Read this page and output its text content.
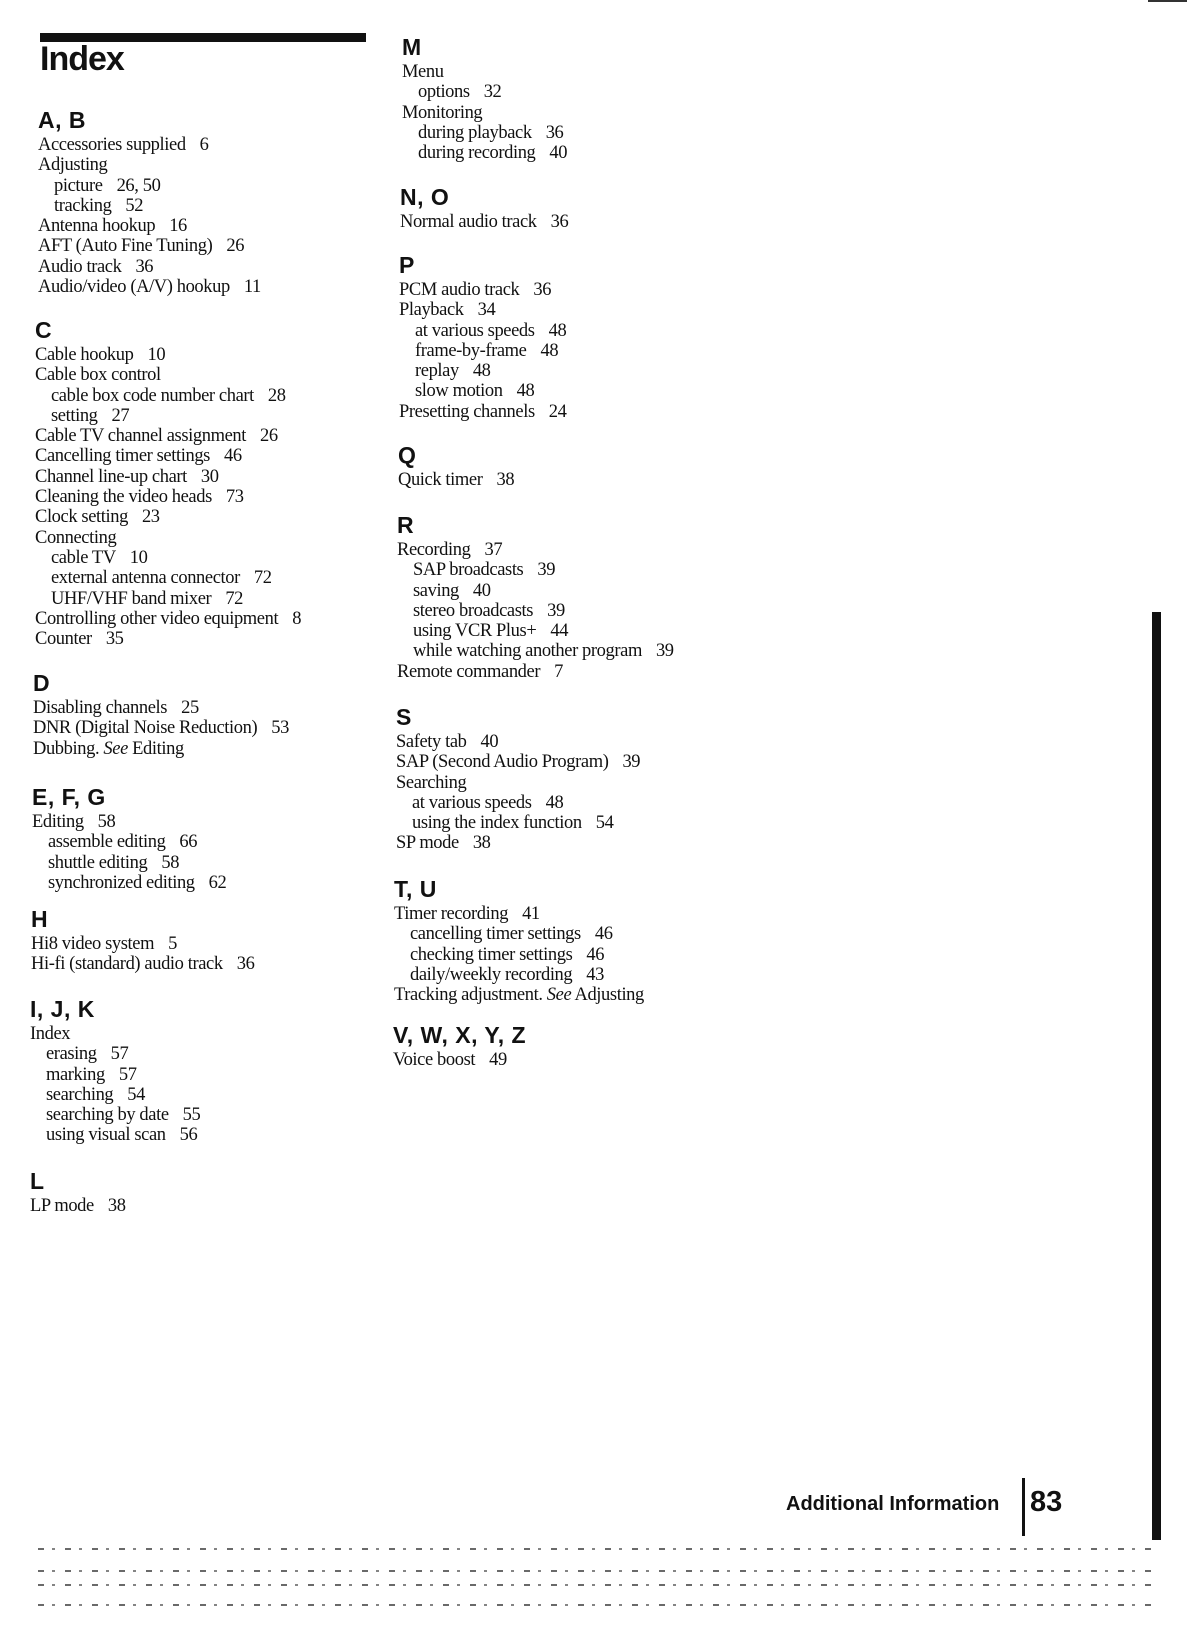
Index
A, B
Accessories supplied 6
Adjusting
picture 26, 50
tracking 52
Antenna hookup 16
AFT (Auto Fine Tuning) 26
Audio track 36
Audio/video (A/V) hookup 11
C
Cable hookup 10
Cable box control
cable box code number chart 28
setting 27
Cable TV channel assignment 26
Cancelling timer settings 46
Channel line-up chart 30
Cleaning the video heads 73
Clock setting 23
Connecting
cable TV 10
external antenna connector 72
UHF/VHF band mixer 72
Controlling other video equipment 8
Counter 35
D
Disabling channels 25
DNR (Digital Noise Reduction) 53
Dubbing. See Editing
E, F, G
Editing 58
assemble editing 66
shuttle editing 58
synchronized editing 62
H
Hi8 video system 5
Hi-fi (standard) audio track 36
I, J, K
Index
erasing 57
marking 57
searching 54
searching by date 55
using visual scan 56
L
LP mode 38
M
Menu
options 32
Monitoring
during playback 36
during recording 40
N, O
Normal audio track 36
P
PCM audio track 36
Playback 34
at various speeds 48
frame-by-frame 48
replay 48
slow motion 48
Presetting channels 24
Q
Quick timer 38
R
Recording 37
SAP broadcasts 39
saving 40
stereo broadcasts 39
using VCR Plus+ 44
while watching another program 39
Remote commander 7
S
Safety tab 40
SAP (Second Audio Program) 39
Searching
at various speeds 48
using the index function 54
SP mode 38
T, U
Timer recording 41
cancelling timer settings 46
checking timer settings 46
daily/weekly recording 43
Tracking adjustment. See Adjusting
V, W, X, Y, Z
Voice boost 49
Additional Information 83
